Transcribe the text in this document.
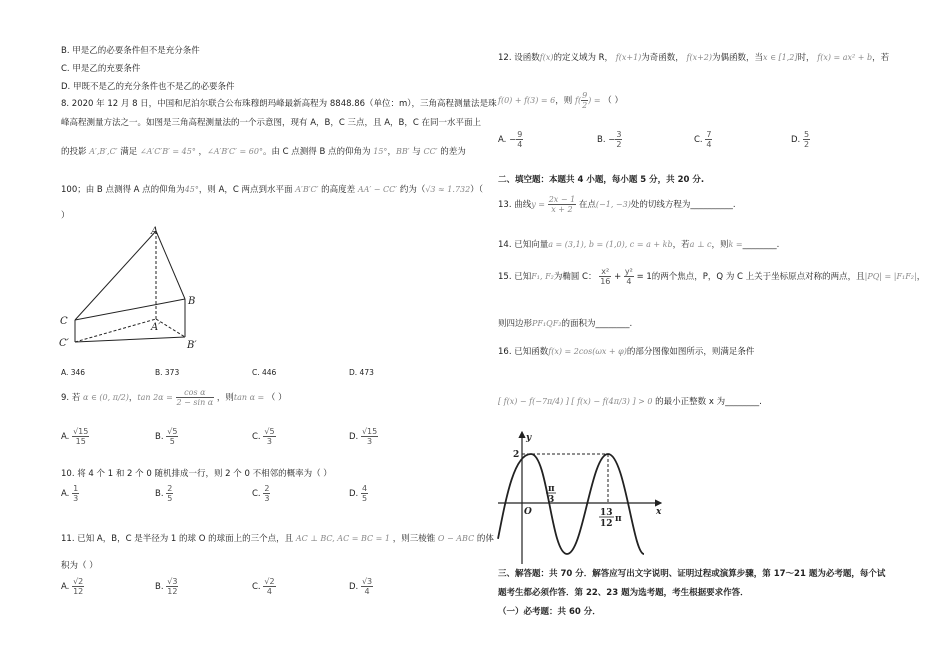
B. 甲是乙的必要条件但不是充分条件
C. 甲是乙的充要条件
D. 甲既不是乙的充分条件也不是乙的必要条件
8. 2020 年 12 月 8 日，中国和尼泊尔联合公布珠穆朗玛峰最新高程为 8848.86（单位：m），三角高程测量法是珠
峰高程测量方法之一。如图是三角高程测量法的一个示意图，现有 A，B，C 三点，且 A，B，C 在同一水平面上
的投影 A′,B′,C′ 满足 ∠A′C′B′ = 45° ，∠A′B′C′ = 60°。由 C 点测得 B 点的仰角为 15°，BB′ 与 CC′ 的差为
100；由 B 点测得 A 点的仰角为45°，则 A，C 两点到水平面 A′B′C′ 的高度差 AA′ − CC′ 约为（√3 ≈ 1.732）（
）
A
B
C
A′
B′
C′
A. 346	B. 373	C. 446	D. 473
9. 若 α ∈ (0, π/2)，$\tan 2\alpha = \frac{\text{cos α}}{\text{2 − sin α}}$ ，则tan α = （ ）
A. $\frac{√15}{15}$	B. $\frac{√5}{5}$	C. $\frac{√5}{3}$	D. $\frac{√15}{3}$
10. 将 4 个 1 和 2 个 0 随机排成一行，则 2 个 0 不相邻的概率为（ ）
A. $\frac{1}{3}$	B. $\frac{2}{5}$	C. $\frac{2}{3}$	D. $\frac{4}{5}$
11. 已知 A，B，C 是半径为 1 的球 O 的球面上的三个点，且 AC ⊥ BC, AC = BC = 1 ，则三棱锥 O − ABC 的体
积为（ ）
A. $\frac{√2}{12}$	B. $\frac{√3}{12}$	C. $\frac{√2}{4}$	D. $\frac{√3}{4}$
12. 设函数f(x)的定义域为 R， f(x+1)为奇函数， f(x+2)为偶函数，当x ∈ [1,2]时， f(x) = ax² + b，若
f(0) + f(3) = 6，则 $f( \frac{9}{2}$ ) = （ ）
A. − $\frac{9}{4}$	B. − $\frac{3}{2}$	C. $\frac{7}{4}$	D. $\frac{5}{2}$
二、填空题：本题共 4 小题，每小题 5 分，共 20 分.
13. 曲线$y = \frac{2x - 1}{x + 2}$ 在点(−1, −3)处的切线方程为__________.
14. 已知向量a = (3,1), b = (1,0), c = a + kb，若a ⊥ c，则k =________.
15. 已知F₁, F₂为椭圆 C： $\frac{\text{x²}}{16} + \frac{\text{y²}}{4} = 1$的两个焦点，P，Q 为 C 上关于坐标原点对称的两点，且|PQ| = |F₁F₂|，
则四边形PF₁QF₂的面积为________.
16. 已知函数f(x) = 2cos(ωx + φ)的部分图像如图所示，则满足条件
[ f(x) − f(−7π/4) ] [ f(x) − f(4π/3) ] > 0 的最小正整数 x 为________.
y
x
O
2
π
3
13
12 π
三、解答题：共 70 分．解答应写出文字说明、证明过程或演算步骤，第 17～21 题为必考题，每个试
题考生都必须作答．第 22、23 题为选考题，考生根据要求作答．
（一）必考题：共 60 分．
